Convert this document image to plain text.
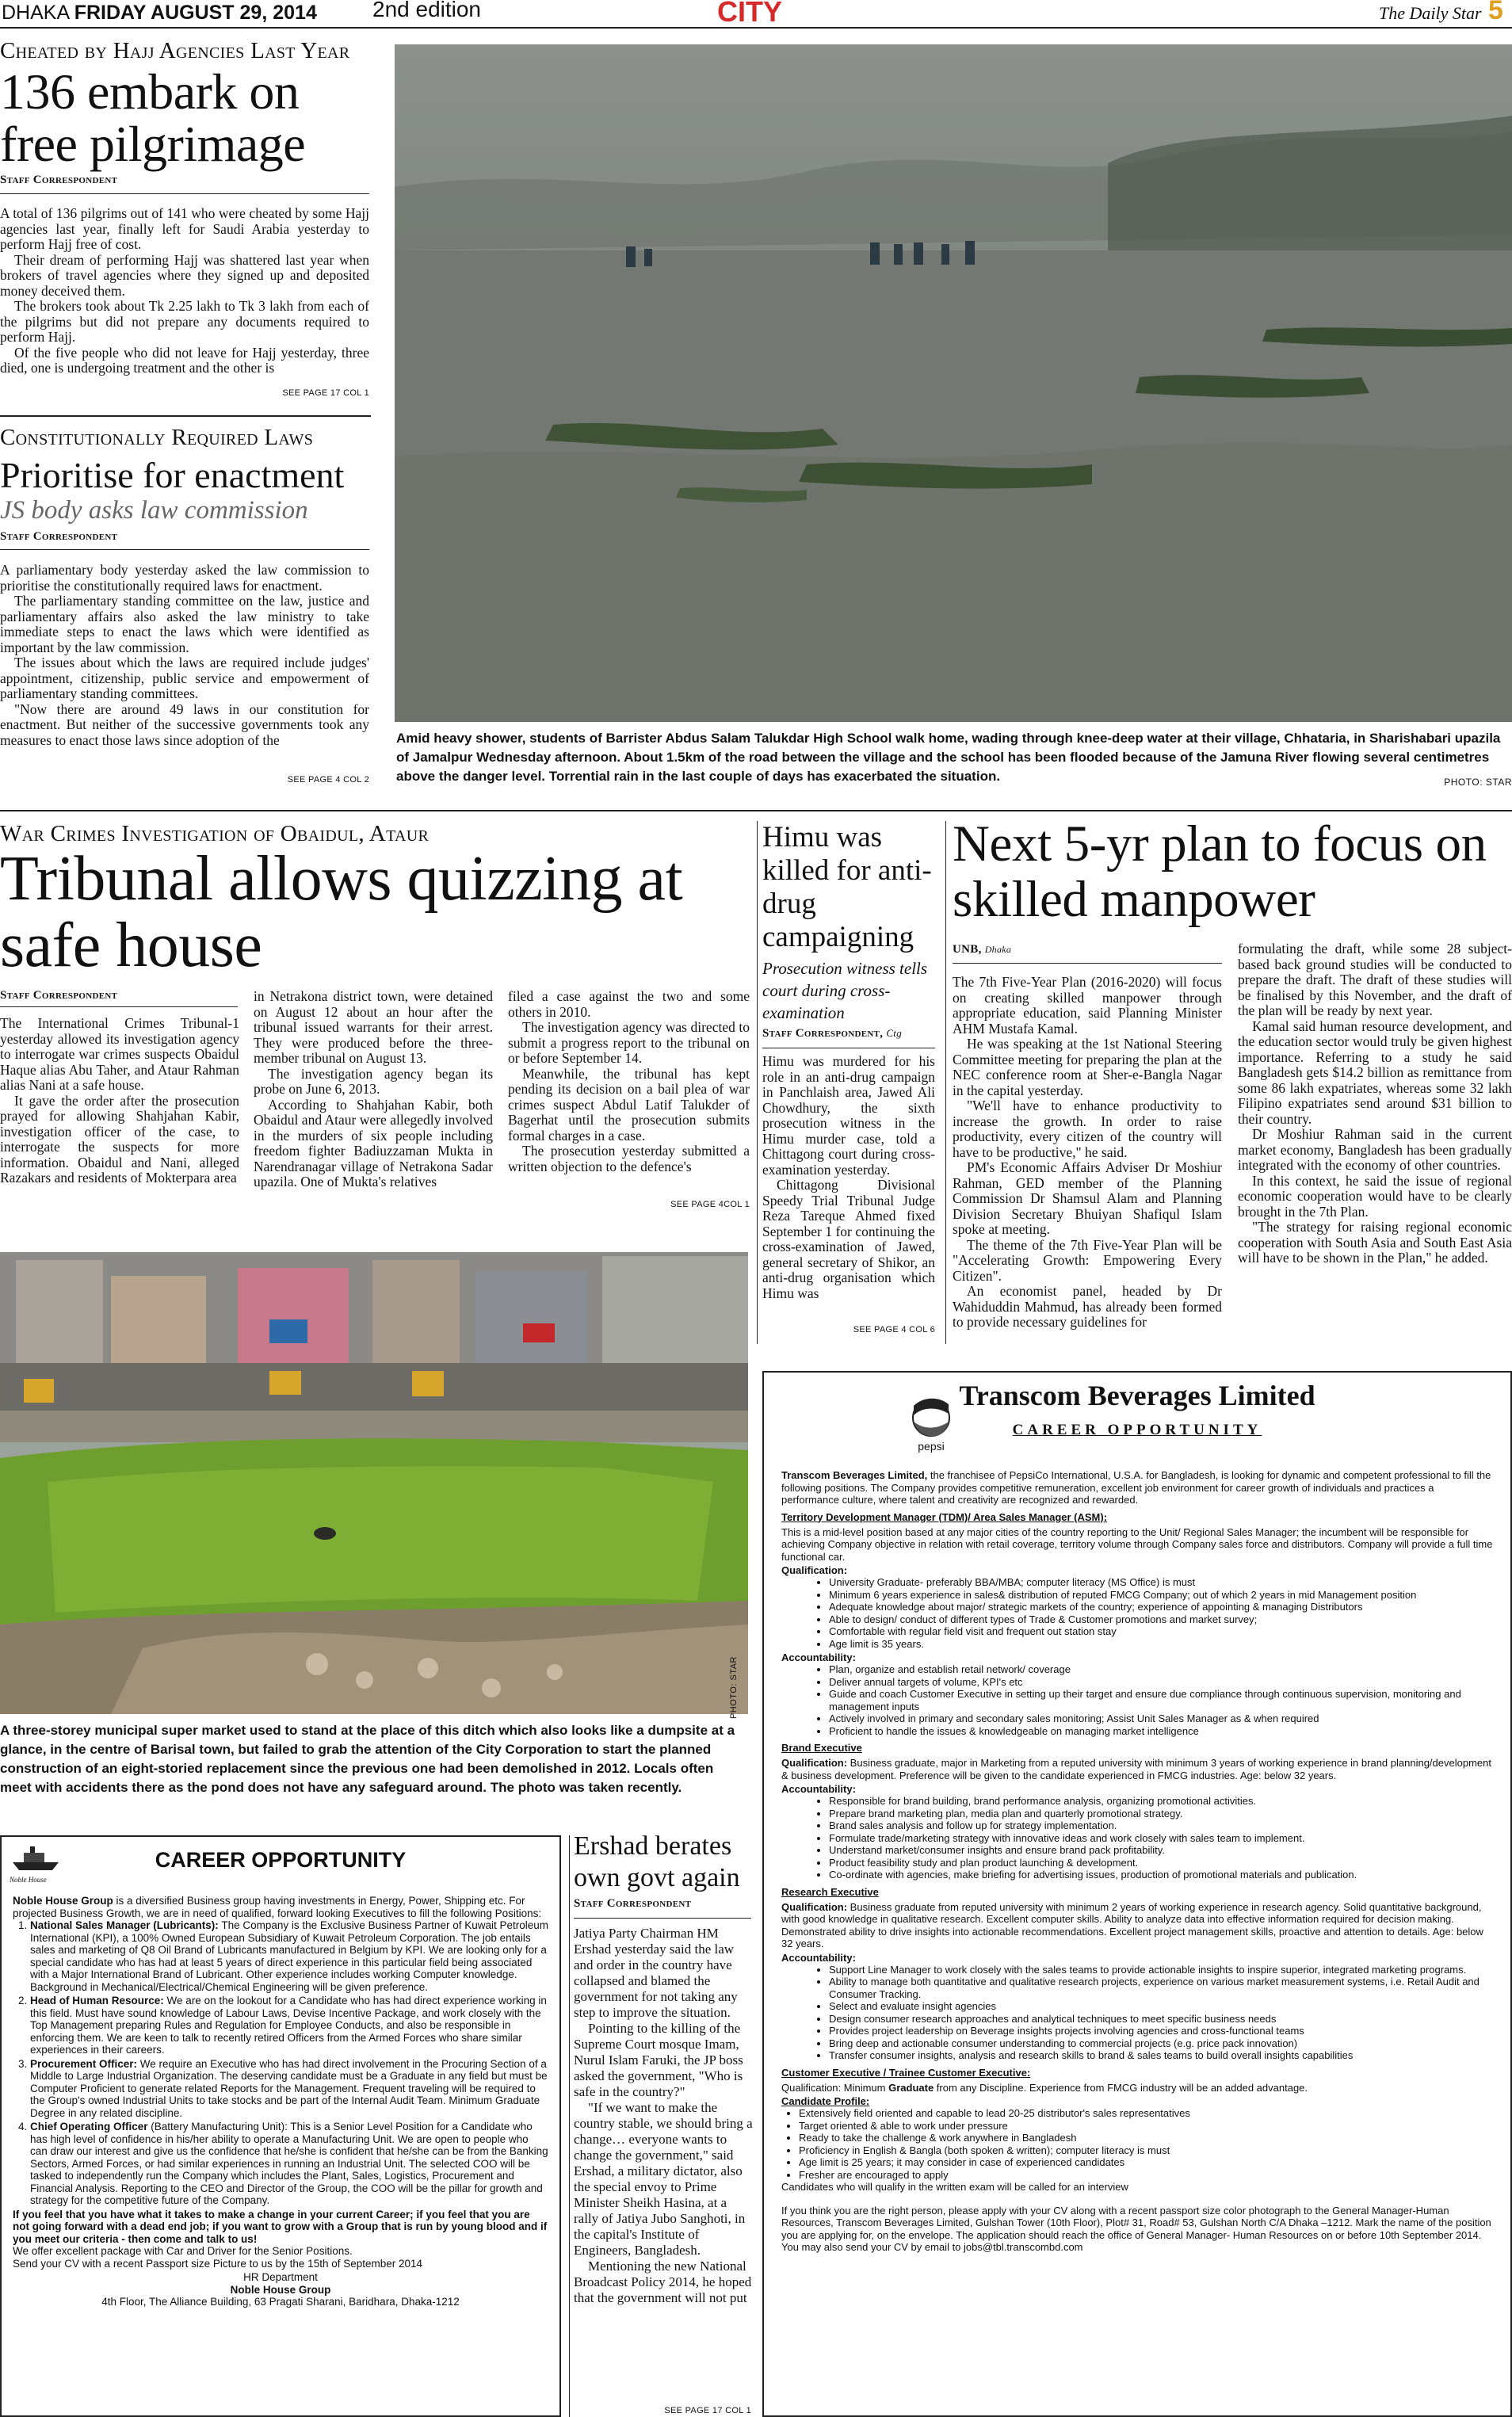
DHAKA FRIDAY AUGUST 29, 2014	2nd edition	CITY	The Daily Star 5
Cheated by Hajj Agencies Last Year
136 embark on free pilgrimage
Staff Correspondent

A total of 136 pilgrims out of 141 who were cheated by some Hajj agencies last year, finally left for Saudi Arabia yesterday to perform Hajj free of cost.

Their dream of performing Hajj was shattered last year when brokers of travel agencies where they signed up and deposited money deceived them.

The brokers took about Tk 2.25 lakh to Tk 3 lakh from each of the pilgrims but did not prepare any documents required to perform Hajj.

Of the five people who did not leave for Hajj yesterday, three died, one is undergoing treatment and the other is

SEE PAGE 17 COL 1
Constitutionally Required Laws
Prioritise for enactment
JS body asks law commission
Staff Correspondent

A parliamentary body yesterday asked the law commission to prioritise the constitutionally required laws for enactment.

The parliamentary standing committee on the law, justice and parliamentary affairs also asked the law ministry to take immediate steps to enact the laws which were identified as important by the law commission.

The issues about which the laws are required include judges' appointment, citizenship, public service and empowerment of parliamentary standing committees.

"Now there are around 49 laws in our constitution for enactment. But neither of the successive governments took any measures to enact those laws since adoption of the

SEE PAGE 4 COL 2
Amid heavy shower, students of Barrister Abdus Salam Talukdar High School walk home, wading through knee-deep water at their village, Chhataria, in Sharishabari upazila of Jamalpur Wednesday afternoon. About 1.5km of the road between the village and the school has been flooded because of the Jamuna River flowing several centimetres above the danger level. Torrential rain in the last couple of days has exacerbated the situation.	PHOTO: STAR
War Crimes Investigation of Obaidul, Ataur
Tribunal allows quizzing at safe house
Staff Correspondent

The International Crimes Tribunal-1 yesterday allowed its investigation agency to interrogate war crimes suspects Obaidul Haque alias Abu Taher, and Ataur Rahman alias Nani at a safe house.

It gave the order after the prosecution prayed for allowing Shahjahan Kabir, investigation officer of the case, to interrogate the suspects for more information. Obaidul and Nani, alleged Razakars and residents of Mokterpara area

in Netrakona district town, were detained on August 12 about an hour after the tribunal issued warrants for their arrest. They were produced before the three-member tribunal on August 13.

The investigation agency began its probe on June 6, 2013.

According to Shahjahan Kabir, both Obaidul and Ataur were allegedly involved in the murders of six people including freedom fighter Badiuzzaman Mukta in Narendranagar village of Netrakona Sadar upazila. One of Mukta's relatives

filed a case against the two and some others in 2010.

The investigation agency was directed to submit a progress report to the tribunal on or before September 14.

Meanwhile, the tribunal has kept pending its decision on a bail plea of war crimes suspect Abdul Latif Talukder of Bagerhat until the prosecution submits formal charges in a case.

The prosecution yesterday submitted a written objection to the defence's

SEE PAGE 4COL 1
PHOTO: STAR
A three-storey municipal super market used to stand at the place of this ditch which also looks like a dumpsite at a glance, in the centre of Barisal town, but failed to grab the attention of the City Corporation to start the planned construction of an eight-storied replacement since the previous one had been demolished in 2012. Locals often meet with accidents there as the pond does not have any safeguard around. The photo was taken recently.
Himu was killed for anti-drug campaigning
Prosecution witness tells court during cross-examination
Staff Correspondent, Ctg

Himu was murdered for his role in an anti-drug campaign in Panchlaish area, Jawed Ali Chowdhury, the sixth prosecution witness in the Himu murder case, told a Chittagong court during cross-examination yesterday.

Chittagong Divisional Speedy Trial Tribunal Judge Reza Tareque Ahmed fixed September 1 for continuing the cross-examination of Jawed, general secretary of Shikor, an anti-drug organisation which Himu was

SEE PAGE 4 COL 6
Next 5-yr plan to focus on skilled manpower
UNB, Dhaka

The 7th Five-Year Plan (2016-2020) will focus on creating skilled manpower through appropriate education, said Planning Minister AHM Mustafa Kamal.

He was speaking at the 1st National Steering Committee meeting for preparing the plan at the NEC conference room at Sher-e-Bangla Nagar in the capital yesterday.

"We'll have to enhance productivity to increase the growth. In order to raise productivity, every citizen of the country will have to be productive," he said.

PM's Economic Affairs Adviser Dr Moshiur Rahman, GED member of the Planning Commission Dr Shamsul Alam and Planning Division Secretary Bhuiyan Shafiqul Islam spoke at meeting.

The theme of the 7th Five-Year Plan will be "Accelerating Growth: Empowering Every Citizen".

An economist panel, headed by Dr Wahiduddin Mahmud, has already been formed to provide necessary guidelines for

formulating the draft, while some 28 subject-based back ground studies will be conducted to prepare the draft. The draft of these studies will be finalised by this November, and the draft of the plan will be ready by next year.

Kamal said human resource development, and the education sector would truly be given highest importance. Referring to a study he said Bangladesh gets $14.2 billion as remittance from some 86 lakh expatriates, whereas some 32 lakh Filipino expatriates send around $31 billion to their country.

Dr Moshiur Rahman said in the current market economy, Bangladesh has been gradually integrated with the economy of other countries.

In this context, he said the issue of regional economic cooperation would have to be clearly brought in the 7th Plan.

"The strategy for raising regional economic cooperation with South Asia and South East Asia will have to be shown in the Plan," he added.

Transcom Beverages Limited
pepsi
CAREER OPPORTUNITY
Transcom Beverages Limited, the franchisee of PepsiCo International, U.S.A. for Bangladesh, is looking for dynamic and competent professional to fill the following positions. The Company provides competitive remuneration, excellent job environment for career growth of individuals and practices a performance culture, where talent and creativity are recognized and rewarded.
Territory Development Manager (TDM)/ Area Sales Manager (ASM):
This is a mid-level position based at any major cities of the country reporting to the Unit/ Regional Sales Manager; the incumbent will be responsible for achieving Company objective in relation with retail coverage, territory volume through Company sales force and distributors. Company will provide a full time functional car.
Qualification:
• University Graduate- preferably BBA/MBA; computer literacy (MS Office) is must
• Minimum 6 years experience in sales& distribution of reputed FMCG Company; out of which 2 years in mid Management position
• Adequate knowledge about major/ strategic markets of the country; experience of appointing & managing Distributors
• Able to design/ conduct of different types of Trade & Customer promotions and market survey;
• Comfortable with regular field visit and frequent out station stay
• Age limit is 35 years.
Accountability:
• Plan, organize and establish retail network/ coverage
• Deliver annual targets of volume, KPI's etc
• Guide and coach Customer Executive in setting up their target and ensure due compliance through continuous supervision, monitoring and management inputs
• Actively involved in primary and secondary sales monitoring; Assist Unit Sales Manager as & when required
• Proficient to handle the issues & knowledgeable on managing market intelligence
Brand Executive
Qualification: Business graduate, major in Marketing from a reputed university with minimum 3 years of working experience in brand planning/development & business development. Preference will be given to the candidate experienced in FMCG industries. Age: below 32 years.
Accountability:
• Responsible for brand building, brand performance analysis, organizing promotional activities.
• Prepare brand marketing plan, media plan and quarterly promotional strategy.
• Brand sales analysis and follow up for strategy implementation.
• Formulate trade/marketing strategy with innovative ideas and work closely with sales team to implement.
• Understand market/consumer insights and ensure brand pack profitability.
• Product feasibility study and plan product launching & development.
• Co-ordinate with agencies, make briefing for advertising issues, production of promotional materials and publication.
Research Executive
Qualification: Business graduate from reputed university with minimum 2 years of working experience in research agency. Solid quantitative background, with good knowledge in qualitative research. Excellent computer skills. Ability to analyze data into effective information required for decision making. Demonstrated ability to drive insights into actionable recommendations. Excellent project management skills, proactive and attention to details. Age: below 32 years.
Accountability:
• Support Line Manager to work closely with the sales teams to provide actionable insights to inspire superior, integrated marketing programs.
• Ability to manage both quantitative and qualitative research projects, experience on various market measurement systems, i.e. Retail Audit and Consumer Tracking.
• Select and evaluate insight agencies
• Design consumer research approaches and analytical techniques to meet specific business needs
• Provides project leadership on Beverage insights projects involving agencies and cross-functional teams
• Bring deep and actionable consumer understanding to commercial projects (e.g. price pack innovation)
• Transfer consumer insights, analysis and research skills to brand & sales teams to build overall insights capabilities
Customer Executive / Trainee Customer Executive:
Qualification: Minimum Graduate from any Discipline. Experience from FMCG industry will be an added advantage.
Candidate Profile:
• Extensively field oriented and capable to lead 20-25 distributor's sales representatives
• Target oriented & able to work under pressure
• Ready to take the challenge & work anywhere in Bangladesh
• Proficiency in English & Bangla (both spoken & written); computer literacy is must
• Age limit is 25 years; it may consider in case of experienced candidates
• Fresher are encouraged to apply
Candidates who will qualify in the written exam will be called for an interview
If you think you are the right person, please apply with your CV along with a recent passport size color photograph to the General Manager-Human Resources, Transcom Beverages Limited, Gulshan Tower (10th Floor), Plot# 31, Road# 53, Gulshan North C/A Dhaka –1212. Mark the name of the position you are applying for, on the envelope. The application should reach the office of General Manager- Human Resources on or before 10th September 2014. You may also send your CV by email to jobs@tbl.transcombd.com
Noble House
CAREER OPPORTUNITY
Noble House Group is a diversified Business group having investments in Energy, Power, Shipping etc. For projected Business Growth, we are in need of qualified, forward looking Executives to fill the following Positions:
1. National Sales Manager (Lubricants): The Company is the Exclusive Business Partner of Kuwait Petroleum International (KPI), a 100% Owned European Subsidiary of Kuwait Petroleum Corporation. The job entails sales and marketing of Q8 Oil Brand of Lubricants manufactured in Belgium by KPI. We are looking only for a special candidate who has had at least 5 years of direct experience in this particular field being associated with a Major International Brand of Lubricant. Other experience includes working Computer knowledge. Background in Mechanical/Electrical/Chemical Engineering will be given preference.
2. Head of Human Resource: We are on the lookout for a Candidate who has had direct experience working in this field. Must have sound knowledge of Labour Laws, Devise Incentive Package, and work closely with the Top Management preparing Rules and Regulation for Employee Conducts, and also be responsible in enforcing them. We are keen to talk to recently retired Officers from the Armed Forces who share similar experiences in their careers.
3. Procurement Officer: We require an Executive who has had direct involvement in the Procuring Section of a Middle to Large Industrial Organization. The deserving candidate must be a Graduate in any field but must be Computer Proficient to generate related Reports for the Management. Frequent traveling will be required to the Group's owned Industrial Units to take stocks and be part of the Internal Audit Team. Minimum Graduate Degree in any related discipline.
4. Chief Operating Officer (Battery Manufacturing Unit): This is a Senior Level Position for a Candidate who has high level of confidence in his/her ability to operate a Manufacturing Unit. We are open to people who can draw our interest and give us the confidence that he/she is confident that he/she can be from the Banking Sectors, Armed Forces, or had similar experiences in running an Industrial Unit. The selected COO will be tasked to independently run the Company which includes the Plant, Sales, Logistics, Procurement and Financial Analysis. Reporting to the CEO and Director of the Group, the COO will be the pillar for growth and strategy for the competitive future of the Company.
If you feel that you have what it takes to make a change in your current Career; if you feel that you are not going forward with a dead end job; if you want to grow with a Group that is run by young blood and if you meet our criteria - then come and talk to us!
We offer excellent package with Car and Driver for the Senior Positions.
Send your CV with a recent Passport size Picture to us by the 15th of September 2014
HR Department
Noble House Group
4th Floor, The Alliance Building, 63 Pragati Sharani, Baridhara, Dhaka-1212
Ershad berates own govt again
Staff Correspondent

Jatiya Party Chairman HM Ershad yesterday said the law and order in the country have collapsed and blamed the government for not taking any step to improve the situation.

Pointing to the killing of the Supreme Court mosque Imam, Nurul Islam Faruki, the JP boss asked the government, "Who is safe in the country?"

"If we want to make the country stable, we should bring a change… everyone wants to change the government," said Ershad, a military dictator, also the special envoy to Prime Minister Sheikh Hasina, at a rally of Jatiya Jubo Sanghoti, in the capital's Institute of Engineers, Bangladesh.

Mentioning the new National Broadcast Policy 2014, he hoped that the government will not put

SEE PAGE 17 COL 1
